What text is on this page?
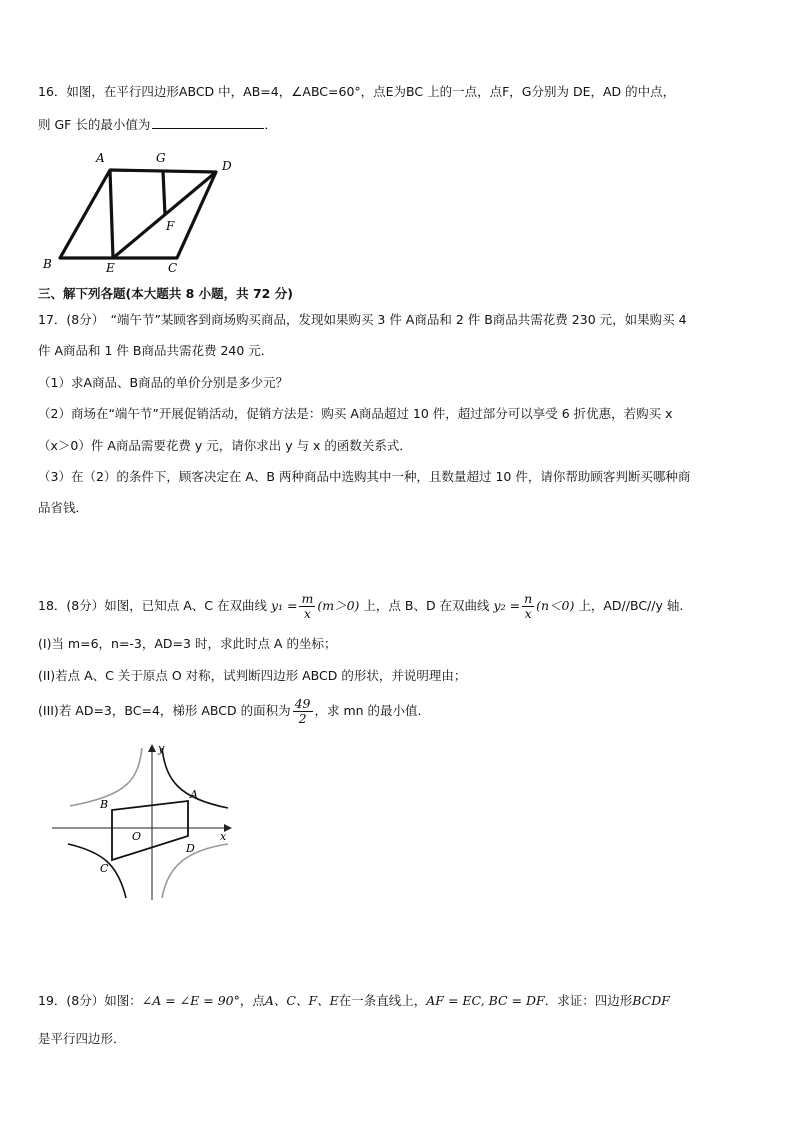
16．如图，在平行四边形ABCD 中，AB=4，∠ABC=60°，点E为BC 上的一点，点F，G分别为 DE，AD 的中点，
则 GF 长的最小值为	．
A	G
D
F
B	E	C
三、解下列各题(本大题共 8 小题，共 72 分)
17．(8分）　“端午节”某顾客到商场购买商品，发现如果购买 3 件 A商品和 2 件 B商品共需花费 230 元，如果购买 4
件 A商品和 1 件 B商品共需花费 240 元．
（1）求A商品、B商品的单价分别是多少元？
（2）商场在“端午节”开展促销活动，促销方法是：购买 A商品超过 10 件，超过部分可以享受 6 折优惠，若购买 x
（x＞0）件 A商品需要花费 y 元，请你求出 y 与 x 的函数关系式．
（3）在（2）的条件下，顾客决定在 A、B 两种商品中选购其中一种，且数量超过 10 件，请你帮助顾客判断买哪种商
品省钱．
18．(8分）如图，已知点 A、C 在双曲线 $y_1 = \frac{m}{x} (m>0)$ 上，点 B、D 在双曲线 $y_2 = \frac{n}{x} (n<0)$ 上，AD//BC//y 轴.
(I)当 m=6，n=-3，AD=3 时，求此时点 A 的坐标；
(II)若点 A、C 关于原点 O 对称，试判断四边形 ABCD 的形状，并说明理由；
(III)若 AD=3，BC=4，梯形 ABCD 的面积为 $\frac{49}{2}$ ，求 mn 的最小值.
y
x
O
A
B
C
D
19．(8分）如图：∠A = ∠E = 90°，点A、C、F、E在一条直线上，AF = EC, BC = DF．求证：四边形BCDF
是平行四边形．
